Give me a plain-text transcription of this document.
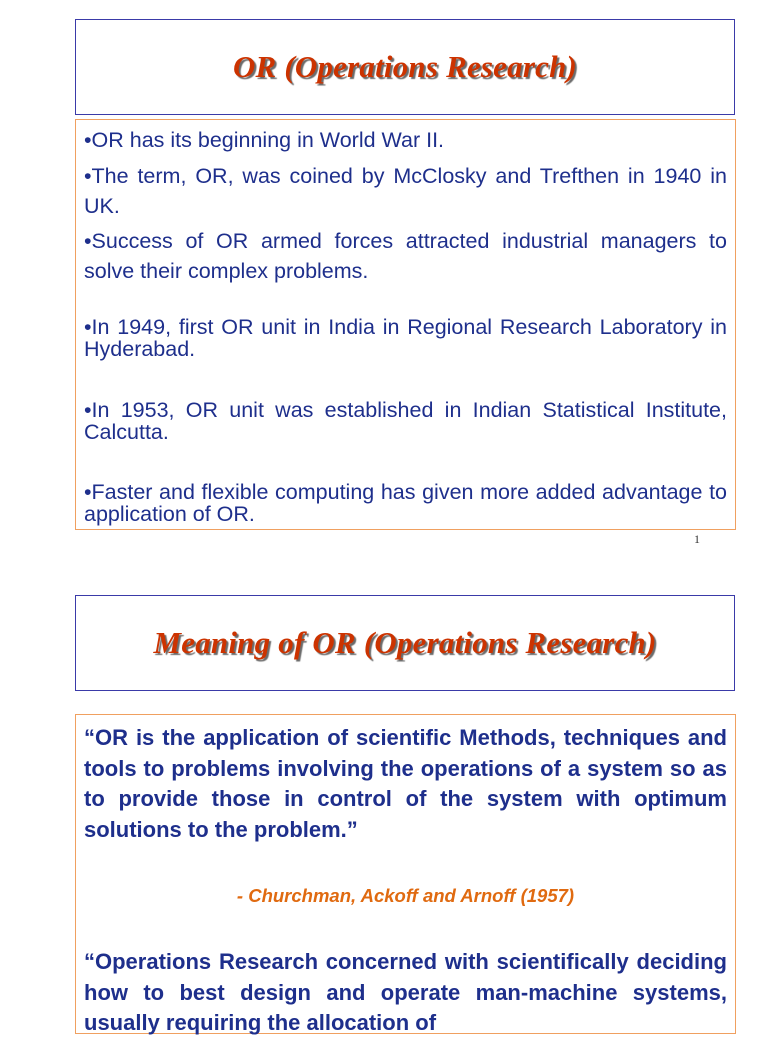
OR (Operations Research)

•OR has its beginning in World War II.

•The term, OR, was coined by McClosky and Trefthen in 1940 in UK.

•Success of OR armed forces attracted industrial managers to solve their complex problems.

•In 1949, first OR unit in India in Regional Research Laboratory in Hyderabad.

•In 1953, OR unit was established in Indian Statistical Institute, Calcutta.

•Faster and flexible computing has given more added advantage to application of OR.

1
Meaning of OR (Operations Research)

“OR is the application of scientific Methods, techniques and tools to problems involving the operations of a system so as to provide those in control of the system with optimum solutions to the problem.”

- Churchman, Ackoff and Arnoff (1957)

“Operations Research concerned with scientifically deciding how to best design and operate man-machine systems, usually requiring the allocation of
